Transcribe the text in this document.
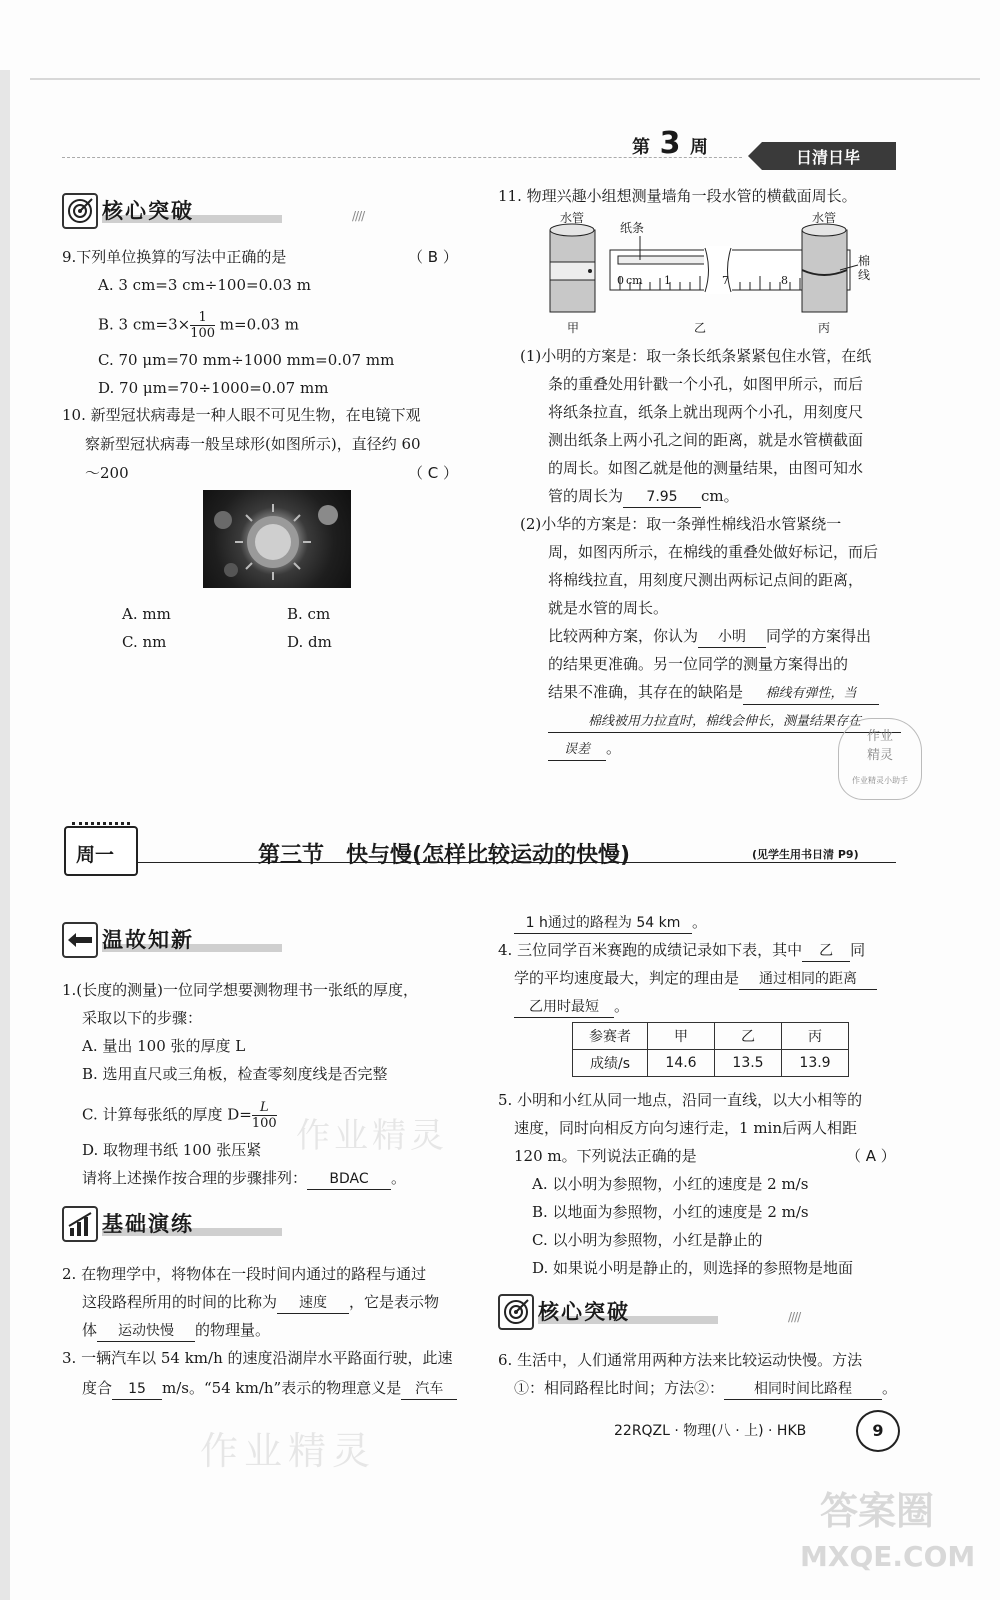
第 3 周	日清日毕
核心突破	////
9.下列单位换算的写法中正确的是	（ B ）
A. 3 cm=3 cm÷100=0.03 m
B. 3 $cm=3\times \frac{1}{100} m=0.03$ m
C. 70 μm=70 mm÷1000 mm=0.07 mm
D. 70 μm=70÷1000=0.07 mm
10. 新型冠状病毒是一种人眼不可见生物，在电镜下观
察新型冠状病毒一般呈球形(如图所示)，直径约 60
～200	（ C ）
A. mm	B. cm
C. nm	D. dm
11. 物理兴趣小组想测量墙角一段水管的横截面周长。
水管
纸条
水管
棉线
0 cm 1	7	8
甲	乙	丙
(1)小明的方案是：取一条长纸条紧紧包住水管，在纸
条的重叠处用针戳一个小孔，如图甲所示，而后
将纸条拉直，纸条上就出现两个小孔，用刻度尺
测出纸条上两小孔之间的距离，就是水管横截面
的周长。如图乙就是他的测量结果，由图可知水
管的周长为 7.95 cm。
(2)小华的方案是：取一条弹性棉线沿水管紧绕一
周，如图丙所示，在棉线的重叠处做好标记，而后
将棉线拉直，用刻度尺测出两标记点间的距离，
就是水管的周长。
比较两种方案，你认为 小明 同学的方案得出
的结果更准确。另一位同学的测量方案得出的
结果不准确，其存在的缺陷是 棉线有弹性，当
棉线被用力拉直时，棉线会伸长，测量结果存在
误差 。
作业
精灵
作业精灵小助手
周一	第三节　快与慢(怎样比较运动的快慢)	(见学生用书日清 P9)
温故知新
1.(长度的测量)一位同学想要测物理书一张纸的厚度，
采取以下的步骤：
A. 量出 100 张的厚度 L
B. 选用直尺或三角板，检查零刻度线是否完整
C. 计算每张纸的厚度 $D= \frac{L}{100}$
D. 取物理书纸 100 张压紧
请将上述操作按合理的步骤排列： BDAC 。
基础演练
2. 在物理学中，将物体在一段时间内通过的路程与通过
这段路程所用的时间的比称为 速度 ，它是表示物
体 运动快慢 的物理量。
3. 一辆汽车以 54 km/h 的速度沿湖岸水平路面行驶，此速
度合 15 m/s。“54 km/h”表示的物理意义是 汽车
作业精灵
作业精灵
1 h通过的路程为 54 km 。
4. 三位同学百米赛跑的成绩记录如下表，其中 乙 同
学的平均速度最大，判定的理由是 通过相同的距离
乙用时最短 。
参赛者	甲	乙	丙
成绩/s	14.6	13.5	13.9
5. 小明和小红从同一地点，沿同一直线，以大小相等的
速度，同时向相反方向匀速行走，1 min后两人相距
120 m。下列说法正确的是	（ A ）
A. 以小明为参照物，小红的速度是 2 m/s
B. 以地面为参照物，小红的速度是 2 m/s
C. 以小明为参照物，小红是静止的
D. 如果说小明是静止的，则选择的参照物是地面
核心突破	////
6. 生活中，人们通常用两种方法来比较运动快慢。方法
①：相同路程比时间；方法②： 相同时间比路程 。
22RQZL · 物理(八 · 上) · HKB	9
答案圈
MXQE.COM
